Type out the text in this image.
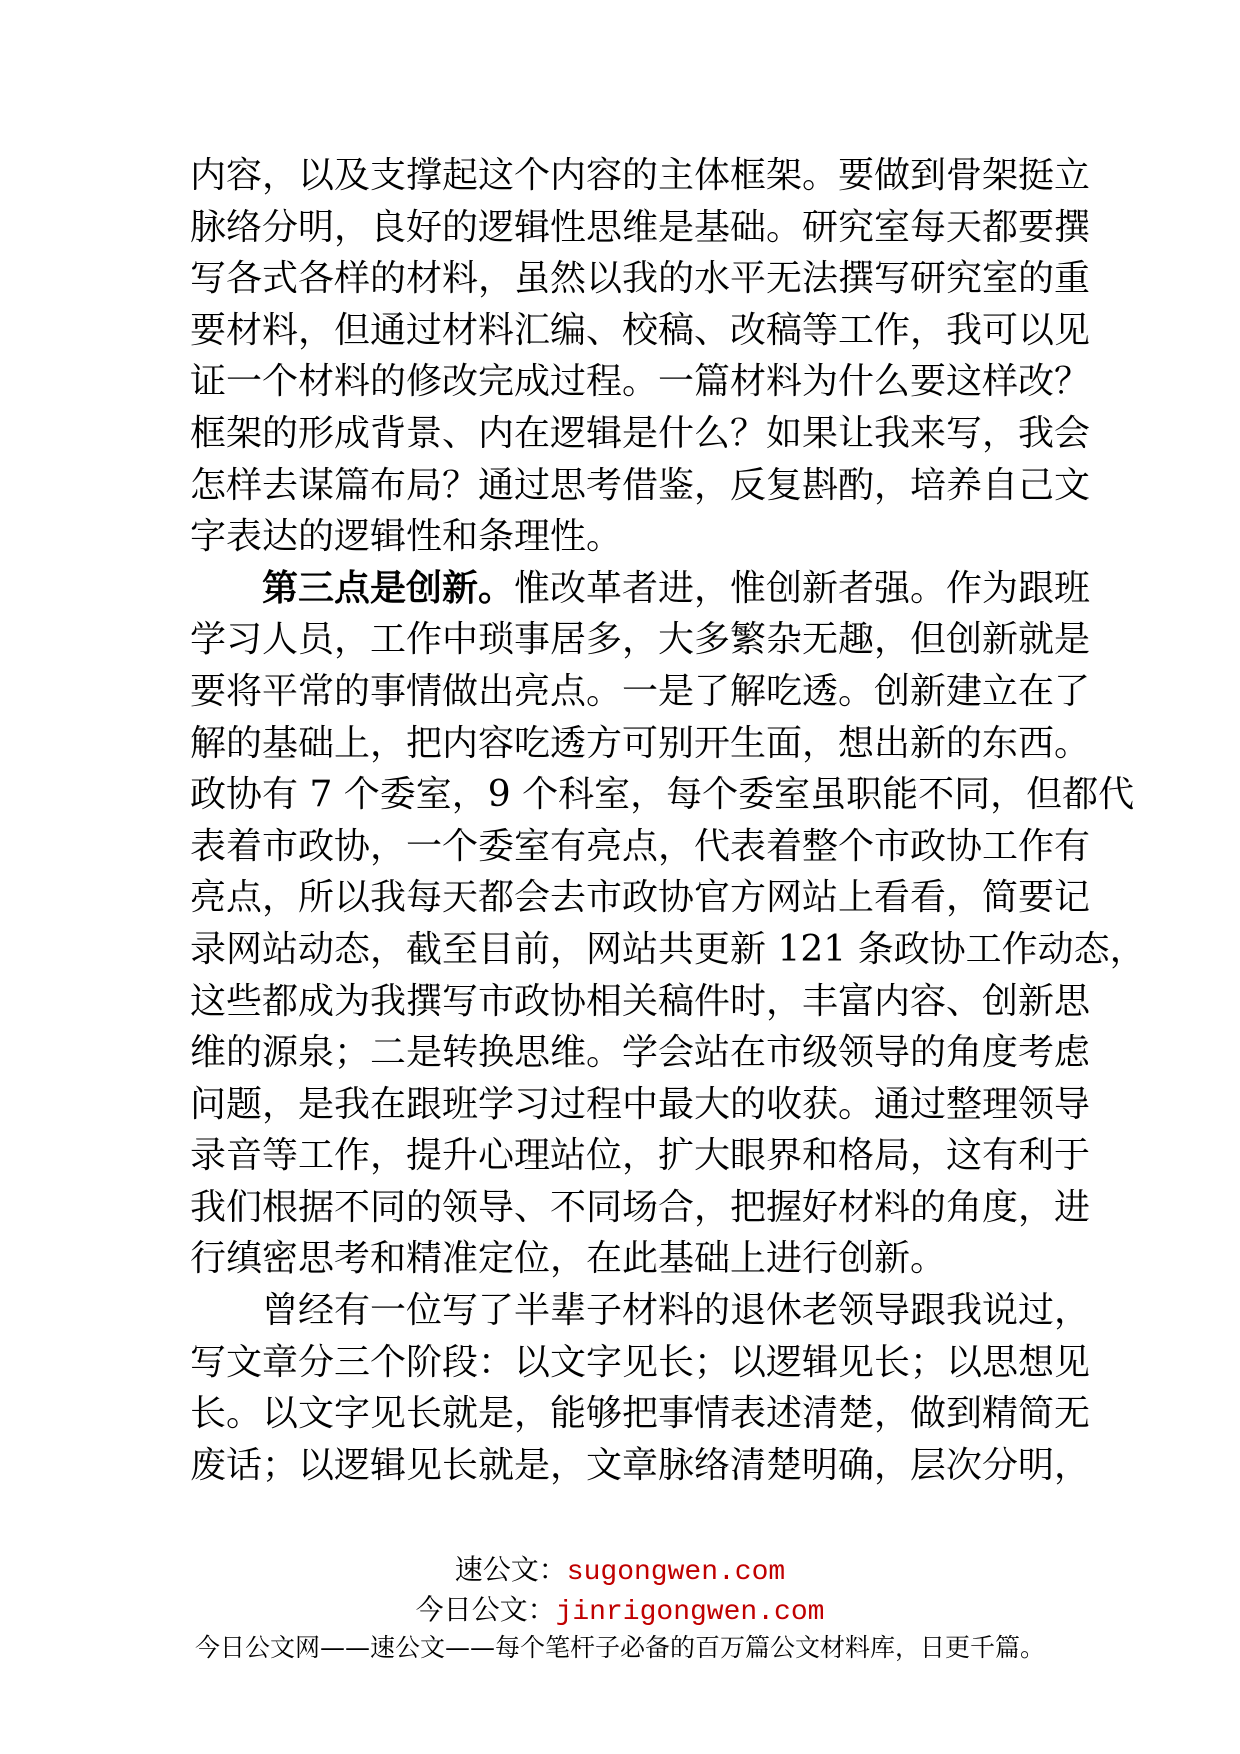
内容，以及支撑起这个内容的主体框架。要做到骨架挺立
脉络分明，良好的逻辑性思维是基础。研究室每天都要撰
写各式各样的材料，虽然以我的水平无法撰写研究室的重
要材料，但通过材料汇编、校稿、改稿等工作，我可以见
证一个材料的修改完成过程。一篇材料为什么要这样改？
框架的形成背景、内在逻辑是什么？如果让我来写，我会
怎样去谋篇布局？通过思考借鉴，反复斟酌，培养自己文
字表达的逻辑性和条理性。
第三点是创新。惟改革者进，惟创新者强。作为跟班
学习人员，工作中琐事居多，大多繁杂无趣，但创新就是
要将平常的事情做出亮点。一是了解吃透。创新建立在了
解的基础上，把内容吃透方可别开生面，想出新的东西。
政协有 7 个委室，9 个科室，每个委室虽职能不同，但都代
表着市政协，一个委室有亮点，代表着整个市政协工作有
亮点，所以我每天都会去市政协官方网站上看看，简要记
录网站动态，截至目前，网站共更新 121 条政协工作动态，
这些都成为我撰写市政协相关稿件时，丰富内容、创新思
维的源泉；二是转换思维。学会站在市级领导的角度考虑
问题，是我在跟班学习过程中最大的收获。通过整理领导
录音等工作，提升心理站位，扩大眼界和格局，这有利于
我们根据不同的领导、不同场合，把握好材料的角度，进
行缜密思考和精准定位，在此基础上进行创新。
曾经有一位写了半辈子材料的退休老领导跟我说过，
写文章分三个阶段：以文字见长；以逻辑见长；以思想见
长。以文字见长就是，能够把事情表述清楚，做到精简无
废话；以逻辑见长就是，文章脉络清楚明确，层次分明，
速公文：sugongwen.com
今日公文：jinrigongwen.com
今日公文网——速公文——每个笔杆子必备的百万篇公文材料库，日更千篇。
